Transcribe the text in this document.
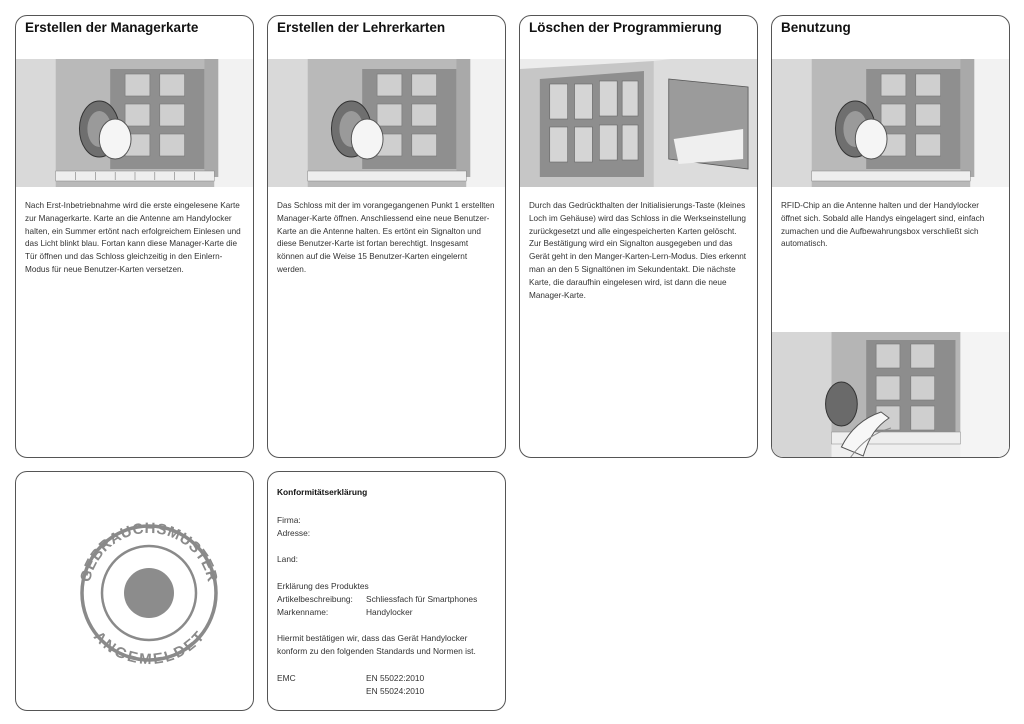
Erstellen der Managerkarte

Nach Erst-Inbetriebnahme wird die erste eingelesene Karte zur Managerkarte. Karte an die Antenne am Handylocker halten, ein Summer ertönt nach erfolgreichem Einlesen und das Licht blinkt blau. Fortan kann diese Manager-Karte die Tür öffnen und das Schloss gleichzeitig in den Einlern-Modus für neue Benutzer-Karten versetzen.

Erstellen der Lehrerkarten

Das Schloss mit der im vorangegangenen Punkt 1 erstellten Manager-Karte öffnen. Anschliessend eine neue Benutzer-Karte an die Antenne halten. Es ertönt ein Signalton und diese Benutzer-Karte ist fortan berechtigt. Insgesamt können auf die Weise 15 Benutzer-Karten eingelernt werden.

Löschen der Programmierung

Durch das Gedrückthalten der Initialisierungs-Taste (kleines Loch im Gehäuse) wird das Schloss in die Werkseinstellung zurückgesetzt und alle eingespeicherten Karten gelöscht. Zur Bestätigung wird ein Signalton ausgegeben und das Gerät geht in den Manger-Karten-Lern-Modus. Dies erkennt man an den 5 Signaltönen im Sekundentakt. Die nächste Karte, die daraufhin eingelesen wird, ist dann die neue Manager-Karte.

Benutzung

RFID-Chip an die Antenne halten und der Handylocker öffnet sich. Sobald alle Handys eingelagert sind, einfach zumachen und die Aufbewahrungsbox verschließt sich automatisch.

GEBRAUCHSMUSTER
ANGEMELDET
Konformitätserklärung

Firma:

Adresse:

Land:

Erklärung des Produktes

Artikelbeschreibung: Schliessfach für Smartphones

Markenname:	Handylocker

Hiermit bestätigen wir, dass das Gerät Handylocker konform zu den folgenden Standards und Normen ist.

EMC	EN 55022:2010

EN 55024:2010
